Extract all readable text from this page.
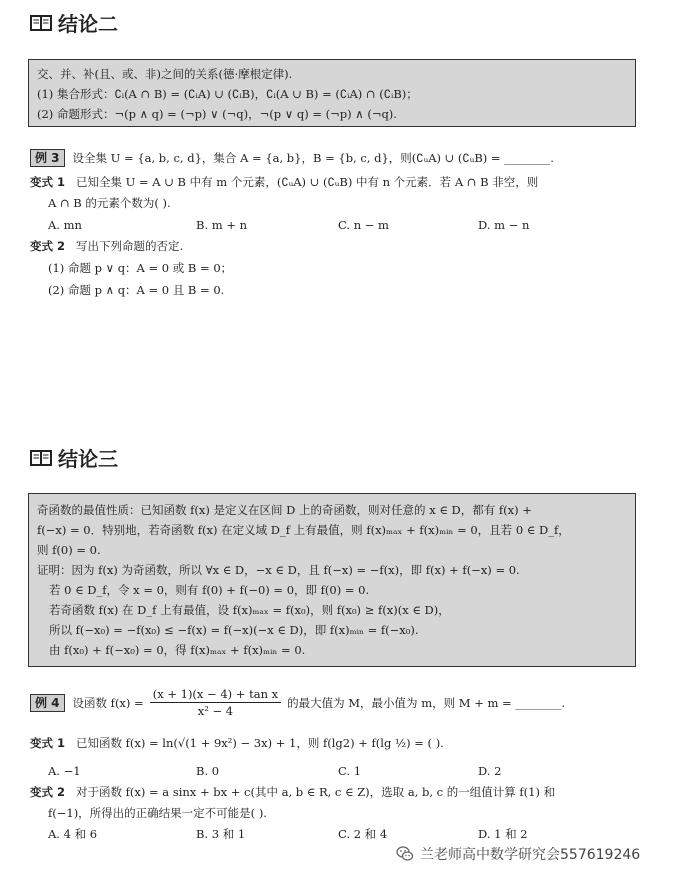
结论二
交、并、补(且、或、非)之间的关系(德·摩根定律).
(1) 集合形式：∁ᵢ(A ∩ B) = (∁ᵢA) ∪ (∁ᵢB)，∁ᵢ(A ∪ B) = (∁ᵢA) ∩ (∁ᵢB)；
(2) 命题形式：¬(p ∧ q) = (¬p) ∨ (¬q)，¬(p ∨ q) = (¬p) ∧ (¬q).
例 3 设全集 U = {a, b, c, d}，集合 A = {a, b}，B = {b, c, d}，则(∁ᵤA) ∪ (∁ᵤB) = ________.
变式 1 已知全集 U = A ∪ B 中有 m 个元素，(∁ᵤA) ∪ (∁ᵤB) 中有 n 个元素．若 A ∩ B 非空，则
A ∩ B 的元素个数为( ).
A. mn	B. m + n	C. n − m	D. m − n
变式 2 写出下列命题的否定.
(1) 命题 p ∨ q：A = 0 或 B = 0；
(2) 命题 p ∧ q：A = 0 且 B = 0.
结论三
奇函数的最值性质：已知函数 f(x) 是定义在区间 D 上的奇函数，则对任意的 x ∈ D，都有 f(x) +
f(−x) = 0．特别地，若奇函数 f(x) 在定义域 D_f 上有最值，则 f(x)ₘₐₓ + f(x)ₘᵢₙ = 0，且若 0 ∈ D_f，
则 f(0) = 0.
证明：因为 f(x) 为奇函数，所以 ∀x ∈ D，−x ∈ D，且 f(−x) = −f(x)，即 f(x) + f(−x) = 0.
若 0 ∈ D_f，令 x = 0，则有 f(0) + f(−0) = 0，即 f(0) = 0.
若奇函数 f(x) 在 D_f 上有最值，设 f(x)ₘₐₓ = f(x₀)，则 f(x₀) ≥ f(x)(x ∈ D)，
所以 f(−x₀) = −f(x₀) ≤ −f(x) = f(−x)(−x ∈ D)，即 f(x)ₘᵢₙ = f(−x₀).
由 f(x₀) + f(−x₀) = 0，得 f(x)ₘₐₓ + f(x)ₘᵢₙ = 0.
例 4	设函数 $f(x) = \frac{\text{(x + 1)(x − 4) + tan x}}{\text{x² − 4}}$ 的最大值为 M，最小值为 m，则 M + m = ________.
变式 1 已知函数 f(x) = ln(√(1 + 9x²) − 3x) + 1，则 f(lg2) + f(lg ½) = ( ).
A. −1	B. 0	C. 1	D. 2
变式 2 对于函数 f(x) = a sinx + bx + c(其中 a, b ∈ R, c ∈ Z)，选取 a, b, c 的一组值计算 f(1) 和
f(−1)，所得出的正确结果一定不可能是( ).
A. 4 和 6	B. 3 和 1	C. 2 和 4	D. 1 和 2
兰老师高中数学研究会557619246
